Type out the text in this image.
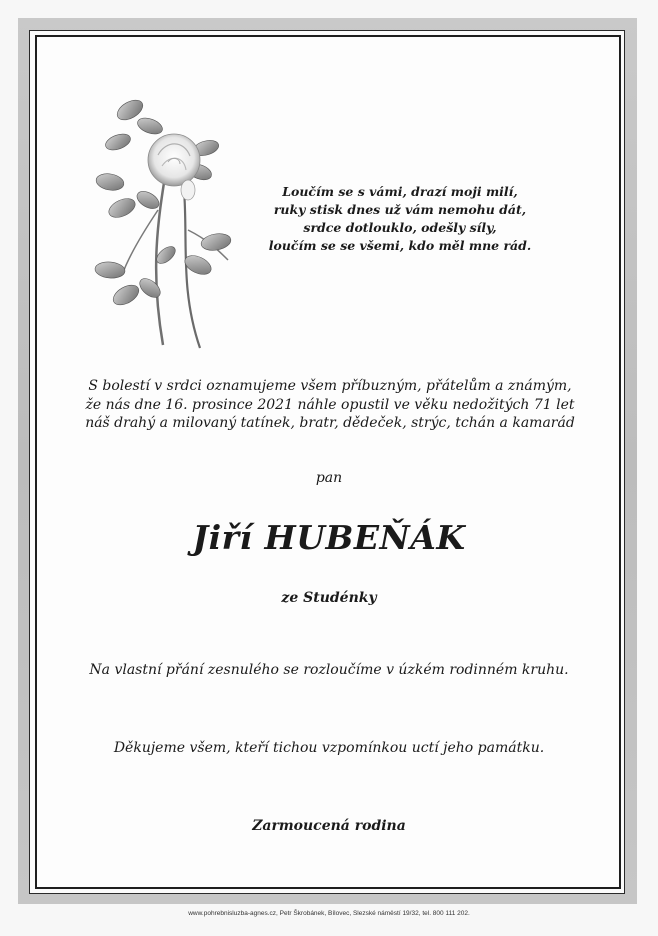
Loučím se s vámi, drazí moji milí,
ruky stisk dnes už vám nemohu dát,
srdce dotlouklo, odešly síly,
loučím se se všemi, kdo měl mne rád.
S bolestí v srdci oznamujeme všem příbuzným, přátelům a známým,
že nás dne 16. prosince 2021 náhle opustil ve věku nedožitých 71 let
náš drahý a milovaný tatínek, bratr, dědeček, strýc, tchán a kamarád
pan
Jiří HUBEŇÁK
ze Studénky
Na vlastní přání zesnulého se rozloučíme v úzkém rodinném kruhu.
Děkujeme všem, kteří tichou vzpomínkou uctí jeho památku.
Zarmoucená rodina
www.pohrebnisluzba-agnes.cz, Petr Škrobánek, Bílovec, Slezské náměstí 19/32, tel. 800 111 202.
